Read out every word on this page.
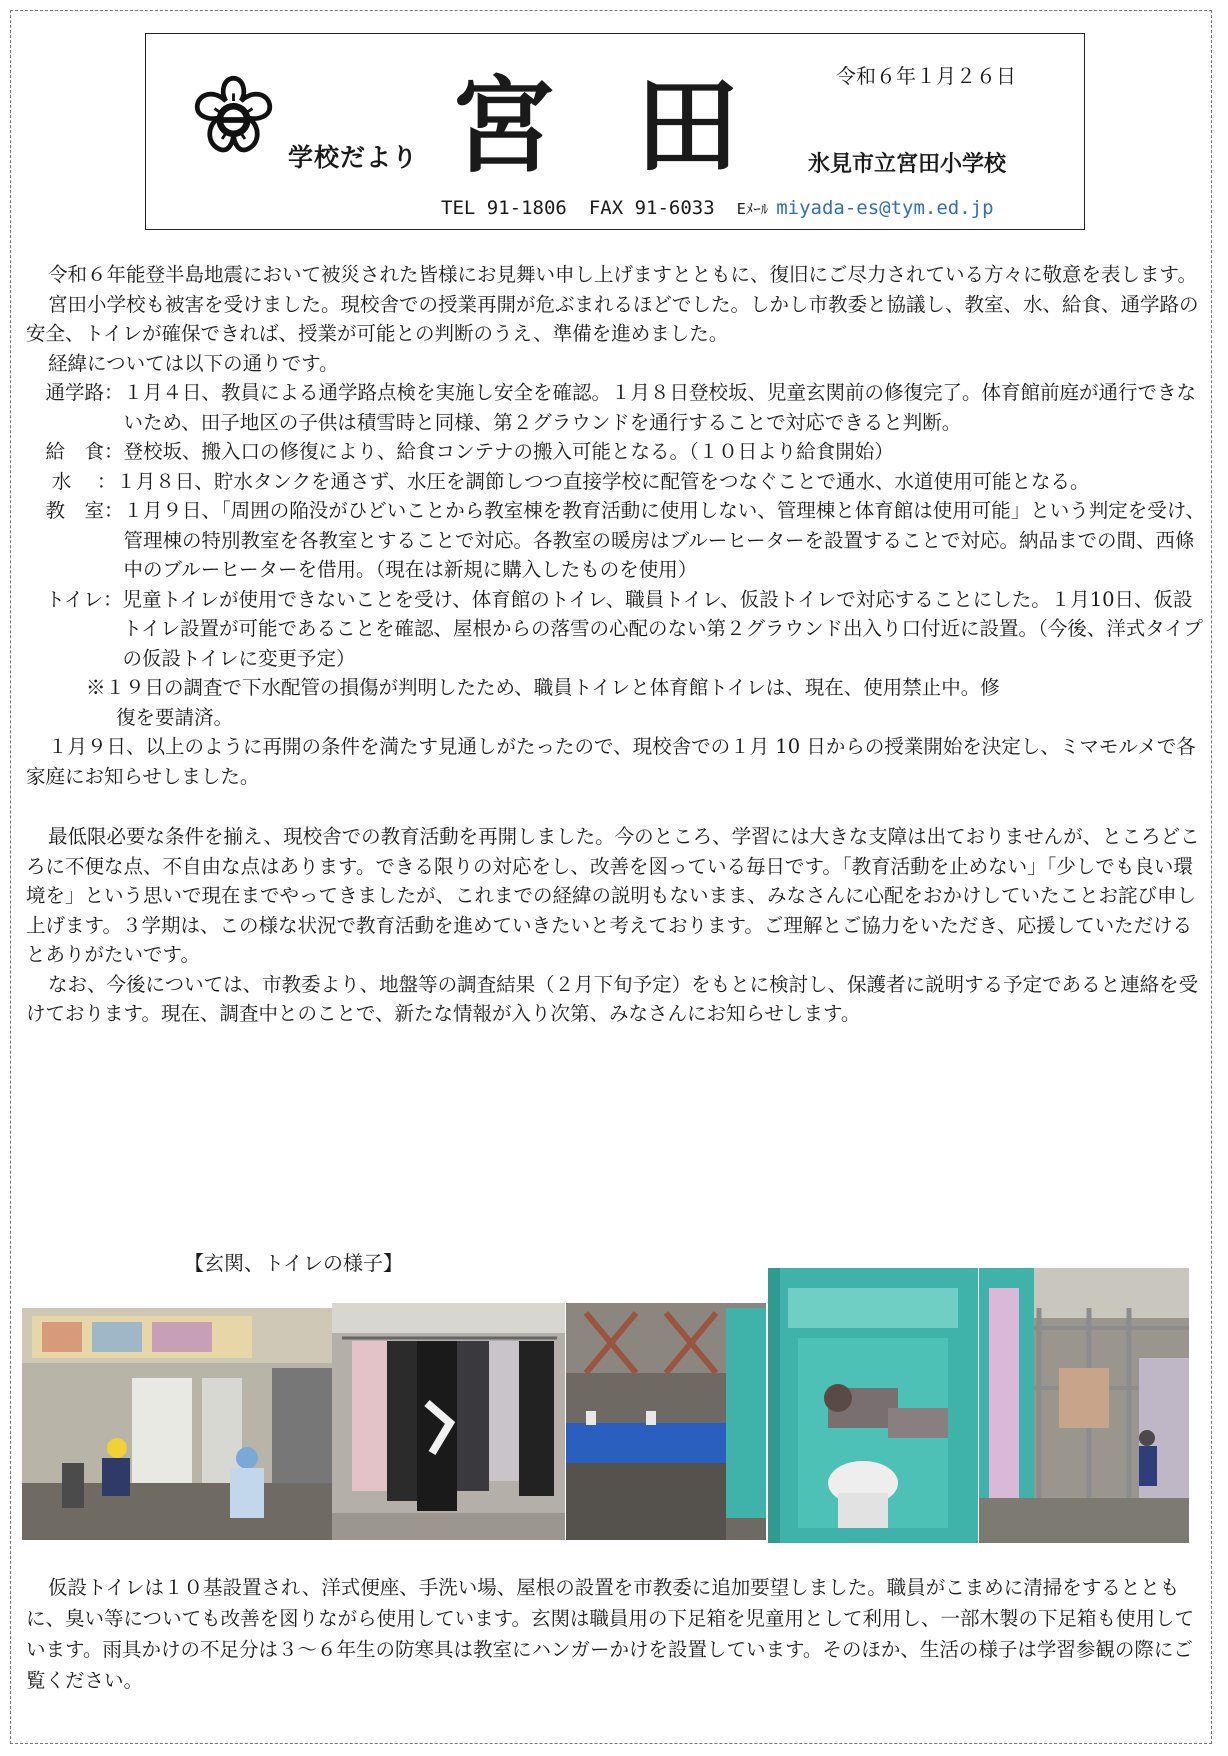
学校だより 宮 田	令和６年１月２６日
氷見市立宮田小学校
TEL 91-1806 FAX 91-6033 Eﾒｰﾙ miyada-es@tym.ed.jp

令和６年能登半島地震において被災された皆様にお見舞い申し上げますとともに、復旧にご尽力されている方々に敬意を表します。

宮田小学校も被害を受けました。現校舎での授業再開が危ぶまれるほどでした。しかし市教委と協議し、教室、水、給食、通学路の安全、トイレが確保できれば、授業が可能との判断のうえ、準備を進めました。

経緯については以下の通りです。

　通学路： １月４日、教員による通学路点検を実施し安全を確認。１月８日登校坂、児童玄関前の修復完了。体育館前庭が通行できないため、田子地区の子供は積雪時と同様、第２グラウンドを通行することで対応できると判断。
　給　食： 登校坂、搬入口の修復により、給食コンテナの搬入可能となる。（１０日より給食開始）
　 水　 ： １月８日、貯水タンクを通さず、水圧を調節しつつ直接学校に配管をつなぐことで通水、水道使用可能となる。
　教　室： １月９日、「周囲の陥没がひどいことから教室棟を教育活動に使用しない、管理棟と体育館は使用可能」という判定を受け、管理棟の特別教室を各教室とすることで対応。各教室の暖房はブルーヒーターを設置することで対応。納品までの間、西條中のブルーヒーターを借用。（現在は新規に購入したものを使用）
　トイレ： 児童トイレが使用できないことを受け、体育館のトイレ、職員トイレ、仮設トイレで対応することにした。１月10日、仮設トイレ設置が可能であることを確認、屋根からの落雪の心配のない第２グラウンド出入り口付近に設置。（今後、洋式タイプの仮設トイレに変更予定）

※１９日の調査で下水配管の損傷が判明したため、職員トイレと体育館トイレは、現在、使用禁止中。修

復を要請済。

１月９日、以上のように再開の条件を満たす見通しがたったので、現校舎での１月 10 日からの授業開始を決定し、ミマモルメで各家庭にお知らせしました。

最低限必要な条件を揃え、現校舎での教育活動を再開しました。今のところ、学習には大きな支障は出ておりませんが、ところどころに不便な点、不自由な点はあります。できる限りの対応をし、改善を図っている毎日です。「教育活動を止めない」「少しでも良い環境を」という思いで現在までやってきましたが、これまでの経緯の説明もないまま、みなさんに心配をおかけしていたことお詫び申し上げます。３学期は、この様な状況で教育活動を進めていきたいと考えております。ご理解とご協力をいただき、応援していただけるとありがたいです。

なお、今後については、市教委より、地盤等の調査結果（２月下旬予定）をもとに検討し、保護者に説明する予定であると連絡を受けております。現在、調査中とのことで、新たな情報が入り次第、みなさんにお知らせします。

【玄関、トイレの様子】

仮設トイレは１０基設置され、洋式便座、手洗い場、屋根の設置を市教委に追加要望しました。職員がこまめに清掃をするとともに、臭い等についても改善を図りながら使用しています。玄関は職員用の下足箱を児童用として利用し、一部木製の下足箱も使用しています。雨具かけの不足分は３～６年生の防寒具は教室にハンガーかけを設置しています。そのほか、生活の様子は学習参観の際にご覧ください。
